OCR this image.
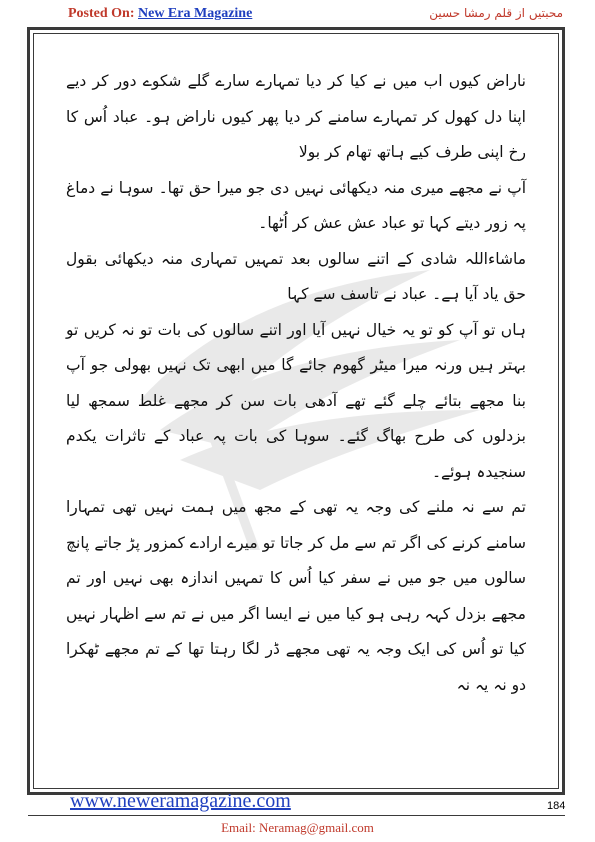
Posted On: New Era Magazine	محبتیں از قلم رمشا حسین

ناراض کیوں اب میں نے کیا کر دیا تمہارے سارے گلے شکوے دور کر دیے اپنا دل کھول کر تمہارے سامنے کر دیا پھر کیوں ناراض ہو۔ عباد اُس کا رخ اپنی طرف کیے ہاتھ تھام کر بولا

آپ نے مجھے میری منہ دیکھائی نہیں دی جو میرا حق تھا۔ سوہا نے دماغ پہ زور دیتے کہا تو عباد عش عش کر اُٹھا۔

ماشاءاللہ شادی کے اتنے سالوں بعد تمہیں تمہاری منہ دیکھائی بقول حق یاد آیا ہے۔ عباد نے تاسف سے کہا

ہاں تو آپ کو تو یہ خیال نہیں آیا اور اتنے سالوں کی بات تو نہ کریں تو بہتر ہیں ورنہ میرا میٹر گھوم جائے گا میں ابھی تک نہیں بھولی جو آپ بنا مجھے بتائے چلے گئے تھے آدھی بات سن کر مجھے غلط سمجھ لیا بزدلوں کی طرح بھاگ گئے۔ سوہا کی بات پہ عباد کے تاثرات یکدم سنجیدہ ہوئے۔

تم سے نہ ملنے کی وجہ یہ تھی کے مجھ میں ہمت نہیں تھی تمہارا سامنے کرنے کی اگر تم سے مل کر جاتا تو میرے ارادے کمزور پڑ جاتے پانچ سالوں میں جو میں نے سفر کیا اُس کا تمہیں اندازہ بھی نہیں اور تم مجھے بزدل کہہ رہی ہو کیا میں نے ایسا اگر میں نے تم سے اظہار نہیں کیا تو اُس کی ایک وجہ یہ تھی مجھے ڈر لگا رہتا تھا کے تم مجھے ٹھکرا دو نہ یہ نہ

www.neweramagazine.com	184
Email: Neramag@gmail.com
